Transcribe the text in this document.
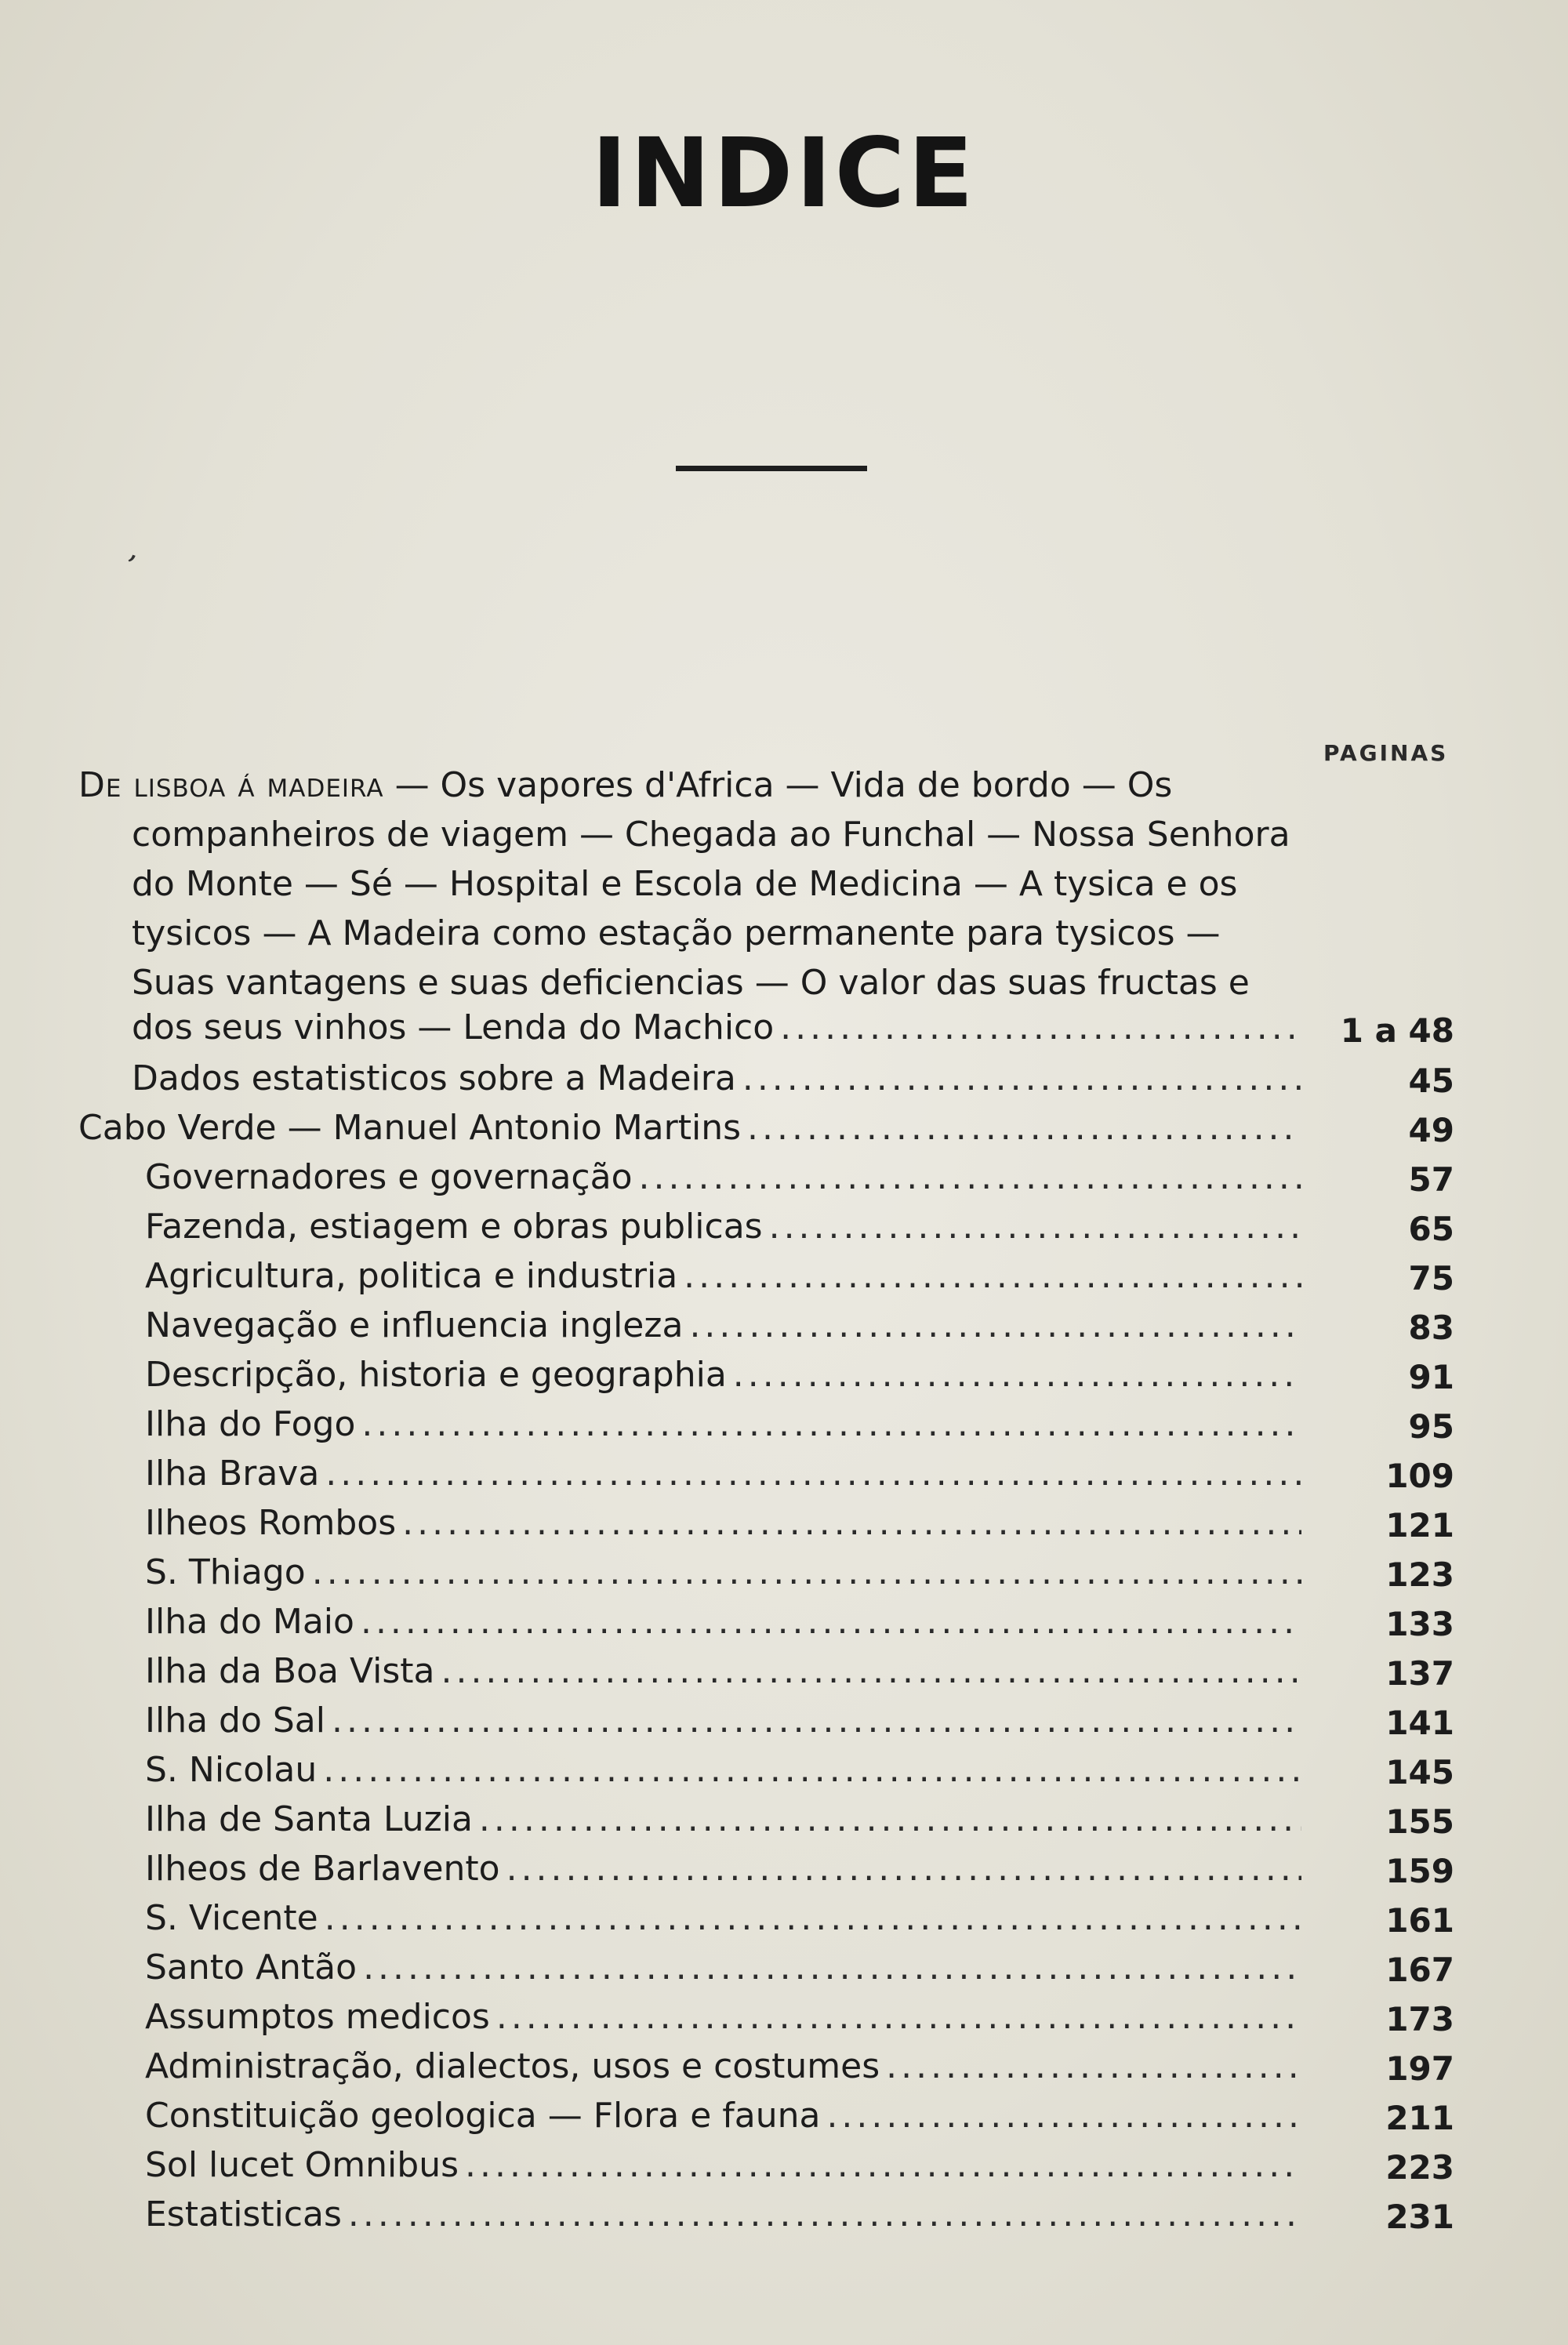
INDICE
’
PAGINAS
De lisboa á madeira — Os vapores d'Africa — Vida de bordo — Os
companheiros de viagem — Chegada ao Funchal — Nossa Senhora
do Monte — Sé — Hospital e Escola de Medicina — A tysica e os
tysicos — A Madeira como estação permanente para tysicos —
Suas vantagens e suas deficiencias — O valor das suas fructas e
dos seus vinhos — Lenda do Machico .....	1 a 48
Dados estatisticos sobre a Madeira .....	45
Cabo Verde — Manuel Antonio Martins .....	49
Governadores e governação .....	57
Fazenda, estiagem e obras publicas .....	65
Agricultura, politica e industria .....	75
Navegação e influencia ingleza .....	83
Descripção, historia e geographia .....	91
Ilha do Fogo .....	95
Ilha Brava .....	109
Ilheos Rombos .....	121
S. Thiago .....	123
Ilha do Maio .....	133
Ilha da Boa Vista .....	137
Ilha do Sal .....	141
S. Nicolau .....	145
Ilha de Santa Luzia .....	155
Ilheos de Barlavento .....	159
S. Vicente .....	161
Santo Antão .....	167
Assumptos medicos .....	173
Administração, dialectos, usos e costumes .....	197
Constituição geologica — Flora e fauna .....	211
Sol lucet Omnibus .....	223
Estatisticas .....	231
